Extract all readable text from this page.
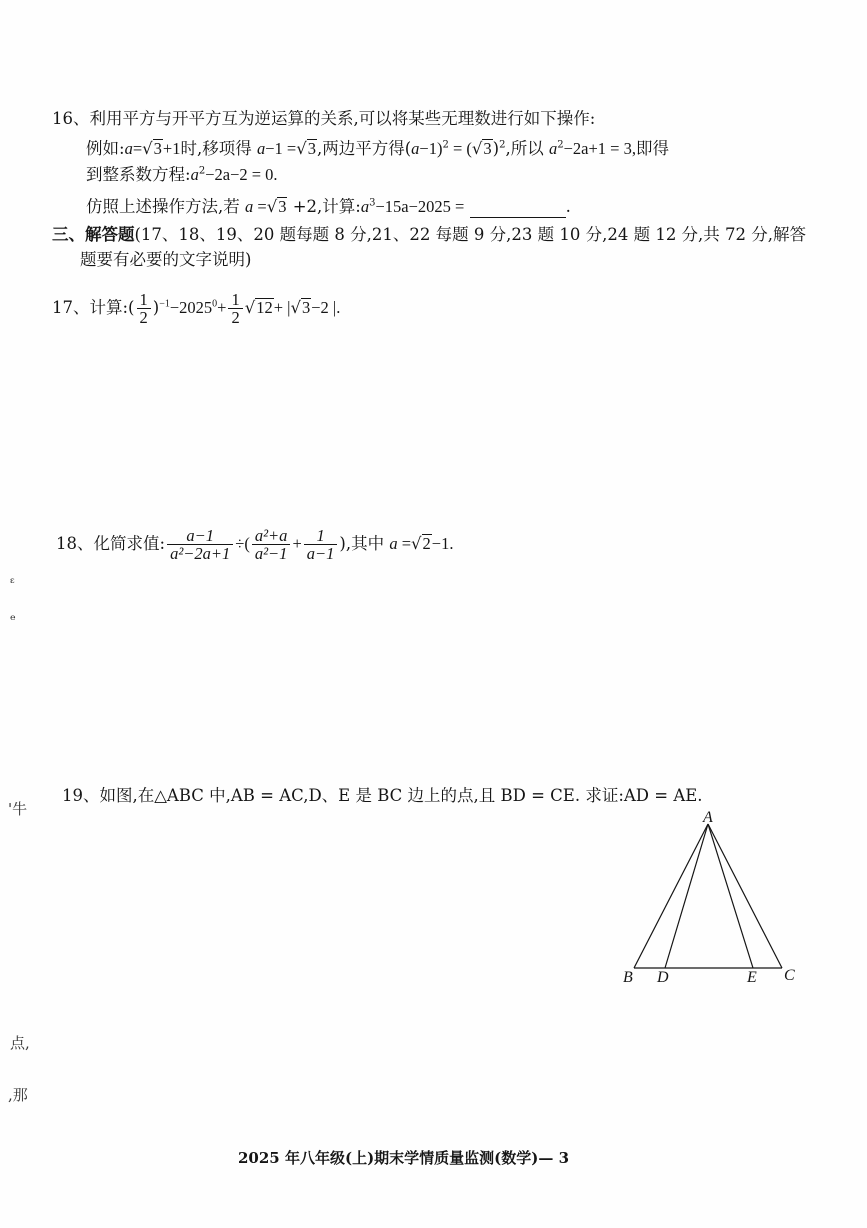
16、利用平方与开平方互为逆运算的关系,可以将某些无理数进行如下操作:
例如:a=√3+1时,移项得 a−1 =√3,两边平方得$(a-1)^2 = (√3)^2$,所以 $a^2-2a+1 = 3$,即得
到整系数方程$:a^2-2a-2 = 0$.
仿照上述操作方法,若 a =√3 +2,计算$:a^3-15a-2025$ =	.
三、解答题(17、18、19、20 题每题 8 分,21、22 每题 9 分,23 题 10 分,24 题 12 分,共 72 分,解答
题要有必要的文字说明)
17、计算:( $\frac{1}{2} )^{-1}-2025^0+ \frac{1}{2} √12+ |√3-2$ |.
18、化简求值: $\frac{a-1}{\text{a²−2a+1}}$ ÷( $\frac{\text{a²+a}}{\text{a²−1}} + \frac{1}{a-1}$ ),其中 a =√2−1.
19、如图,在△ABC 中,AB = AC,D、E 是 BC 边上的点,且 BD = CE. 求证:AD = AE.
A
B D	E C
ᵋ
ₑ
'牛
点,
,那
2025 年八年级(上)期末学情质量监测(数学)— 3
